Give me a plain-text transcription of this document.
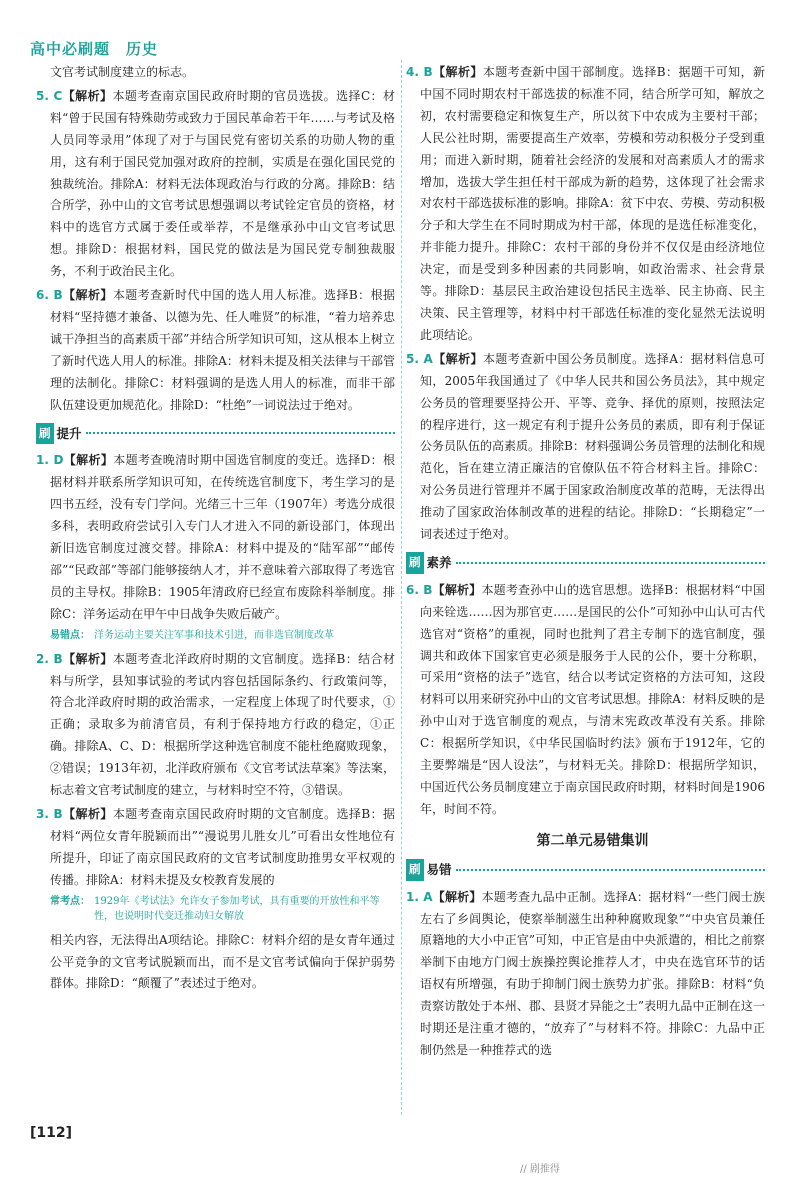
高中必刷题　历史

文官考试制度建立的标志。

5. C【解析】本题考查南京国民政府时期的官员选拔。选择C：材料“曾于民国有特殊勋劳或致力于国民革命若干年……与考试及格人员同等录用”体现了对于与国民党有密切关系的功勋人物的重用，这有利于国民党加强对政府的控制，实质是在强化国民党的独裁统治。排除A：材料无法体现政治与行政的分离。排除B：结合所学，孙中山的文官考试思想强调以考试铨定官员的资格，材料中的选官方式属于委任或举荐，不是继承孙中山文官考试思想。排除D：根据材料，国民党的做法是为国民党专制独裁服务，不利于政治民主化。

6. B【解析】本题考查新时代中国的选人用人标准。选择B：根据材料“坚持德才兼备、以德为先、任人唯贤”的标准，“着力培养忠诚干净担当的高素质干部”并结合所学知识可知，这从根本上树立了新时代选人用人的标准。排除A：材料未提及相关法律与干部管理的法制化。排除C：材料强调的是选人用人的标准，而非干部队伍建设更加规范化。排除D：“杜绝”一词说法过于绝对。

刷 提升

1. D【解析】本题考查晚清时期中国选官制度的变迁。选择D：根据材料并联系所学知识可知，在传统选官制度下，考生学习的是四书五经，没有专门学问。光绪三十三年（1907年）考选分成很多科，表明政府尝试引入专门人才进入不同的新设部门，体现出新旧选官制度过渡交替。排除A：材料中提及的“陆军部”“邮传部”“民政部”等部门能够接纳人才，并不意味着六部取得了考选官员的主导权。排除B：1905年清政府已经宣布废除科举制度。排除C：洋务运动在甲午中日战争失败后破产。

易错点： 洋务运动主要关注军事和技术引进，而非选官制度改革

2. B【解析】本题考查北洋政府时期的文官制度。选择B：结合材料与所学，县知事试验的考试内容包括国际条约、行政策问等，符合北洋政府时期的政治需求，一定程度上体现了时代要求，①正确；录取多为前清官员，有利于保持地方行政的稳定，①正确。排除A、C、D：根据所学这种选官制度不能杜绝腐败现象，②错误；1913年初，北洋政府颁布《文官考试法草案》等法案，标志着文官考试制度的建立，与材料时空不符，③错误。

3. B【解析】本题考查南京国民政府时期的文官制度。选择B：据材料“两位女青年脱颖而出”“漫说男儿胜女儿”可看出女性地位有所提升，印证了南京国民政府的文官考试制度助推男女平权观的传播。排除A：材料未提及女校教育发展的

常考点： 1929年《考试法》允许女子参加考试，具有重要的开放性和平等性，也说明时代变迁推动妇女解放

相关内容，无法得出A项结论。排除C：材料介绍的是女青年通过公平竞争的文官考试脱颖而出，而不是文官考试偏向于保护弱势群体。排除D：“颠覆了”表述过于绝对。

4. B【解析】本题考查新中国干部制度。选择B：据题干可知，新中国不同时期农村干部选拔的标准不同，结合所学可知，解放之初，农村需要稳定和恢复生产，所以贫下中农成为主要村干部；人民公社时期，需要提高生产效率，劳模和劳动积极分子受到重用；而进入新时期，随着社会经济的发展和对高素质人才的需求增加，选拔大学生担任村干部成为新的趋势，这体现了社会需求对农村干部选拔标准的影响。排除A：贫下中农、劳模、劳动积极分子和大学生在不同时期成为村干部，体现的是选任标准变化，并非能力提升。排除C：农村干部的身份并不仅仅是由经济地位决定，而是受到多种因素的共同影响，如政治需求、社会背景等。排除D：基层民主政治建设包括民主选举、民主协商、民主决策、民主管理等，材料中村干部选任标准的变化显然无法说明此项结论。

5. A【解析】本题考查新中国公务员制度。选择A：据材料信息可知，2005年我国通过了《中华人民共和国公务员法》，其中规定公务员的管理要坚持公开、平等、竞争、择优的原则，按照法定的程序进行，这一规定有利于提升公务员的素质，即有利于保证公务员队伍的高素质。排除B：材料强调公务员管理的法制化和规范化，旨在建立清正廉洁的官僚队伍不符合材料主旨。排除C：对公务员进行管理并不属于国家政治制度改革的范畴，无法得出推动了国家政治体制改革的进程的结论。排除D：“长期稳定”一词表述过于绝对。

刷 素养

6. B【解析】本题考查孙中山的选官思想。选择B：根据材料“中国向来铨选……因为那官吏……是国民的公仆”可知孙中山认可古代选官对“资格”的重视，同时也批判了君主专制下的选官制度，强调共和政体下国家官吏必须是服务于人民的公仆，要十分称职，可采用“资格的法子”选官，结合以考试定资格的方法可知，这段材料可以用来研究孙中山的文官考试思想。排除A：材料反映的是孙中山对于选官制度的观点，与清末宪政改革没有关系。排除C：根据所学知识，《中华民国临时约法》颁布于1912年，它的主要弊端是“因人设法”，与材料无关。排除D：根据所学知识，中国近代公务员制度建立于南京国民政府时期，材料时间是1906年，时间不符。

第二单元易错集训
刷 易错

1. A【解析】本题考查九品中正制。选择A：据材料“一些门阀士族左右了乡闾舆论，使察举制滋生出种种腐败现象”“中央官员兼任原籍地的大小中正官”可知，中正官是由中央派遣的，相比之前察举制下由地方门阀士族操控舆论推荐人才，中央在选官环节的话语权有所增强，有助于抑制门阀士族势力扩张。排除B：材料“负责察访散处于本州、郡、县贤才异能之士”表明九品中正制在这一时期还是注重才德的，“放弃了”与材料不符。排除C：九品中正制仍然是一种推荐式的选

[112]
// 剧推得
